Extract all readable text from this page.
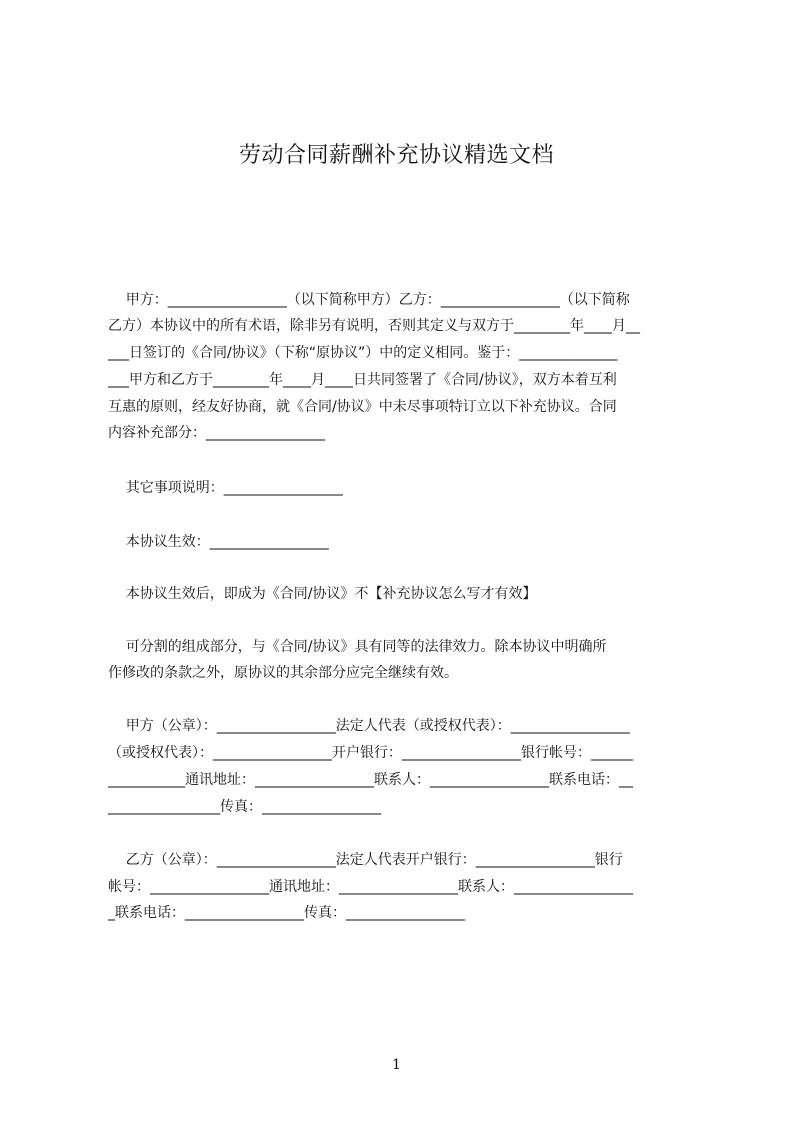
劳动合同薪酬补充协议精选文档
甲方：_________________（以下简称甲方）乙方：_________________（以下简称
乙方）本协议中的所有术语，除非另有说明，否则其定义与双方于________年____月__
___日签订的《合同/协议》（下称“原协议”）中的定义相同。鉴于：______________
___甲方和乙方于________年____月____日共同签署了《合同/协议》，双方本着互利
互惠的原则，经友好协商，就《合同/协议》中未尽事项特订立以下补充协议。合同
内容补充部分：_________________
其它事项说明：_________________
本协议生效：_________________
本协议生效后，即成为《合同/协议》不【补充协议怎么写才有效】
可分割的组成部分，与《合同/协议》具有同等的法律效力。除本协议中明确所
作修改的条款之外，原协议的其余部分应完全继续有效。
甲方（公章）：_________________法定人代表（或授权代表）：_________________
（或授权代表）：_________________开户银行：_________________银行帐号：______
___________通讯地址：_________________联系人：_________________联系电话：__
________________传真：_________________
乙方（公章）：_________________法定人代表开户银行：_________________银行
帐号：_________________通讯地址：_________________联系人：_________________
_联系电话：_________________传真：_________________
1
